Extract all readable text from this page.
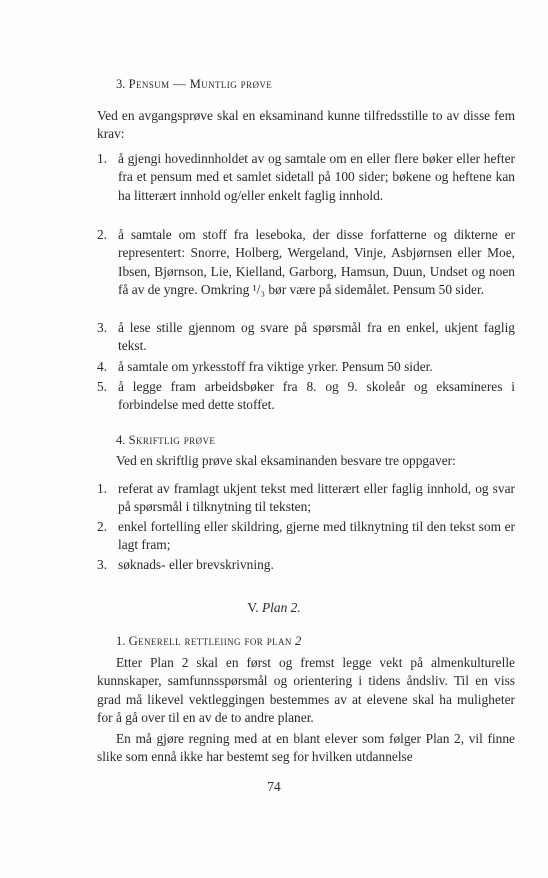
3. Pensum — Muntlig prøve
Ved en avgangsprøve skal en eksaminand kunne tilfredsstille to av disse fem krav:
1. å gjengi hovedinnholdet av og samtale om en eller flere bøker eller hefter fra et pensum med et samlet sidetall på 100 sider; bøkene og heftene kan ha litterært innhold og/eller enkelt faglig innhold.
2. å samtale om stoff fra leseboka, der disse forfatterne og dikterne er representert: Snorre, Holberg, Wergeland, Vinje, Asbjørnsen eller Moe, Ibsen, Bjørnson, Lie, Kielland, Garborg, Hamsun, Duun, Undset og noen få av de yngre. Omkring ¹/₃ bør være på sidemålet. Pensum 50 sider.
3. å lese stille gjennom og svare på spørsmål fra en enkel, ukjent faglig tekst.
4. å samtale om yrkesstoff fra viktige yrker. Pensum 50 sider.
5. å legge fram arbeidsbøker fra 8. og 9. skoleår og eksamineres i forbindelse med dette stoffet.
4. Skriftlig prøve
Ved en skriftlig prøve skal eksaminanden besvare tre oppgaver:
1. referat av framlagt ukjent tekst med litterært eller faglig innhold, og svar på spørsmål i tilknytning til teksten;
2. enkel fortelling eller skildring, gjerne med tilknytning til den tekst som er lagt fram;
3. søknads- eller brevskrivning.
V. Plan 2.
1. Generell rettleiing for plan 2
Etter Plan 2 skal en først og fremst legge vekt på almenkulturelle kunnskaper, samfunnsspørsmål og orientering i tidens åndsliv. Til en viss grad må likevel vektleggingen bestemmes av at elevene skal ha muligheter for å gå over til en av de to andre planer.
En må gjøre regning med at en blant elever som følger Plan 2, vil finne slike som ennå ikke har bestemt seg for hvilken utdannelse
74
